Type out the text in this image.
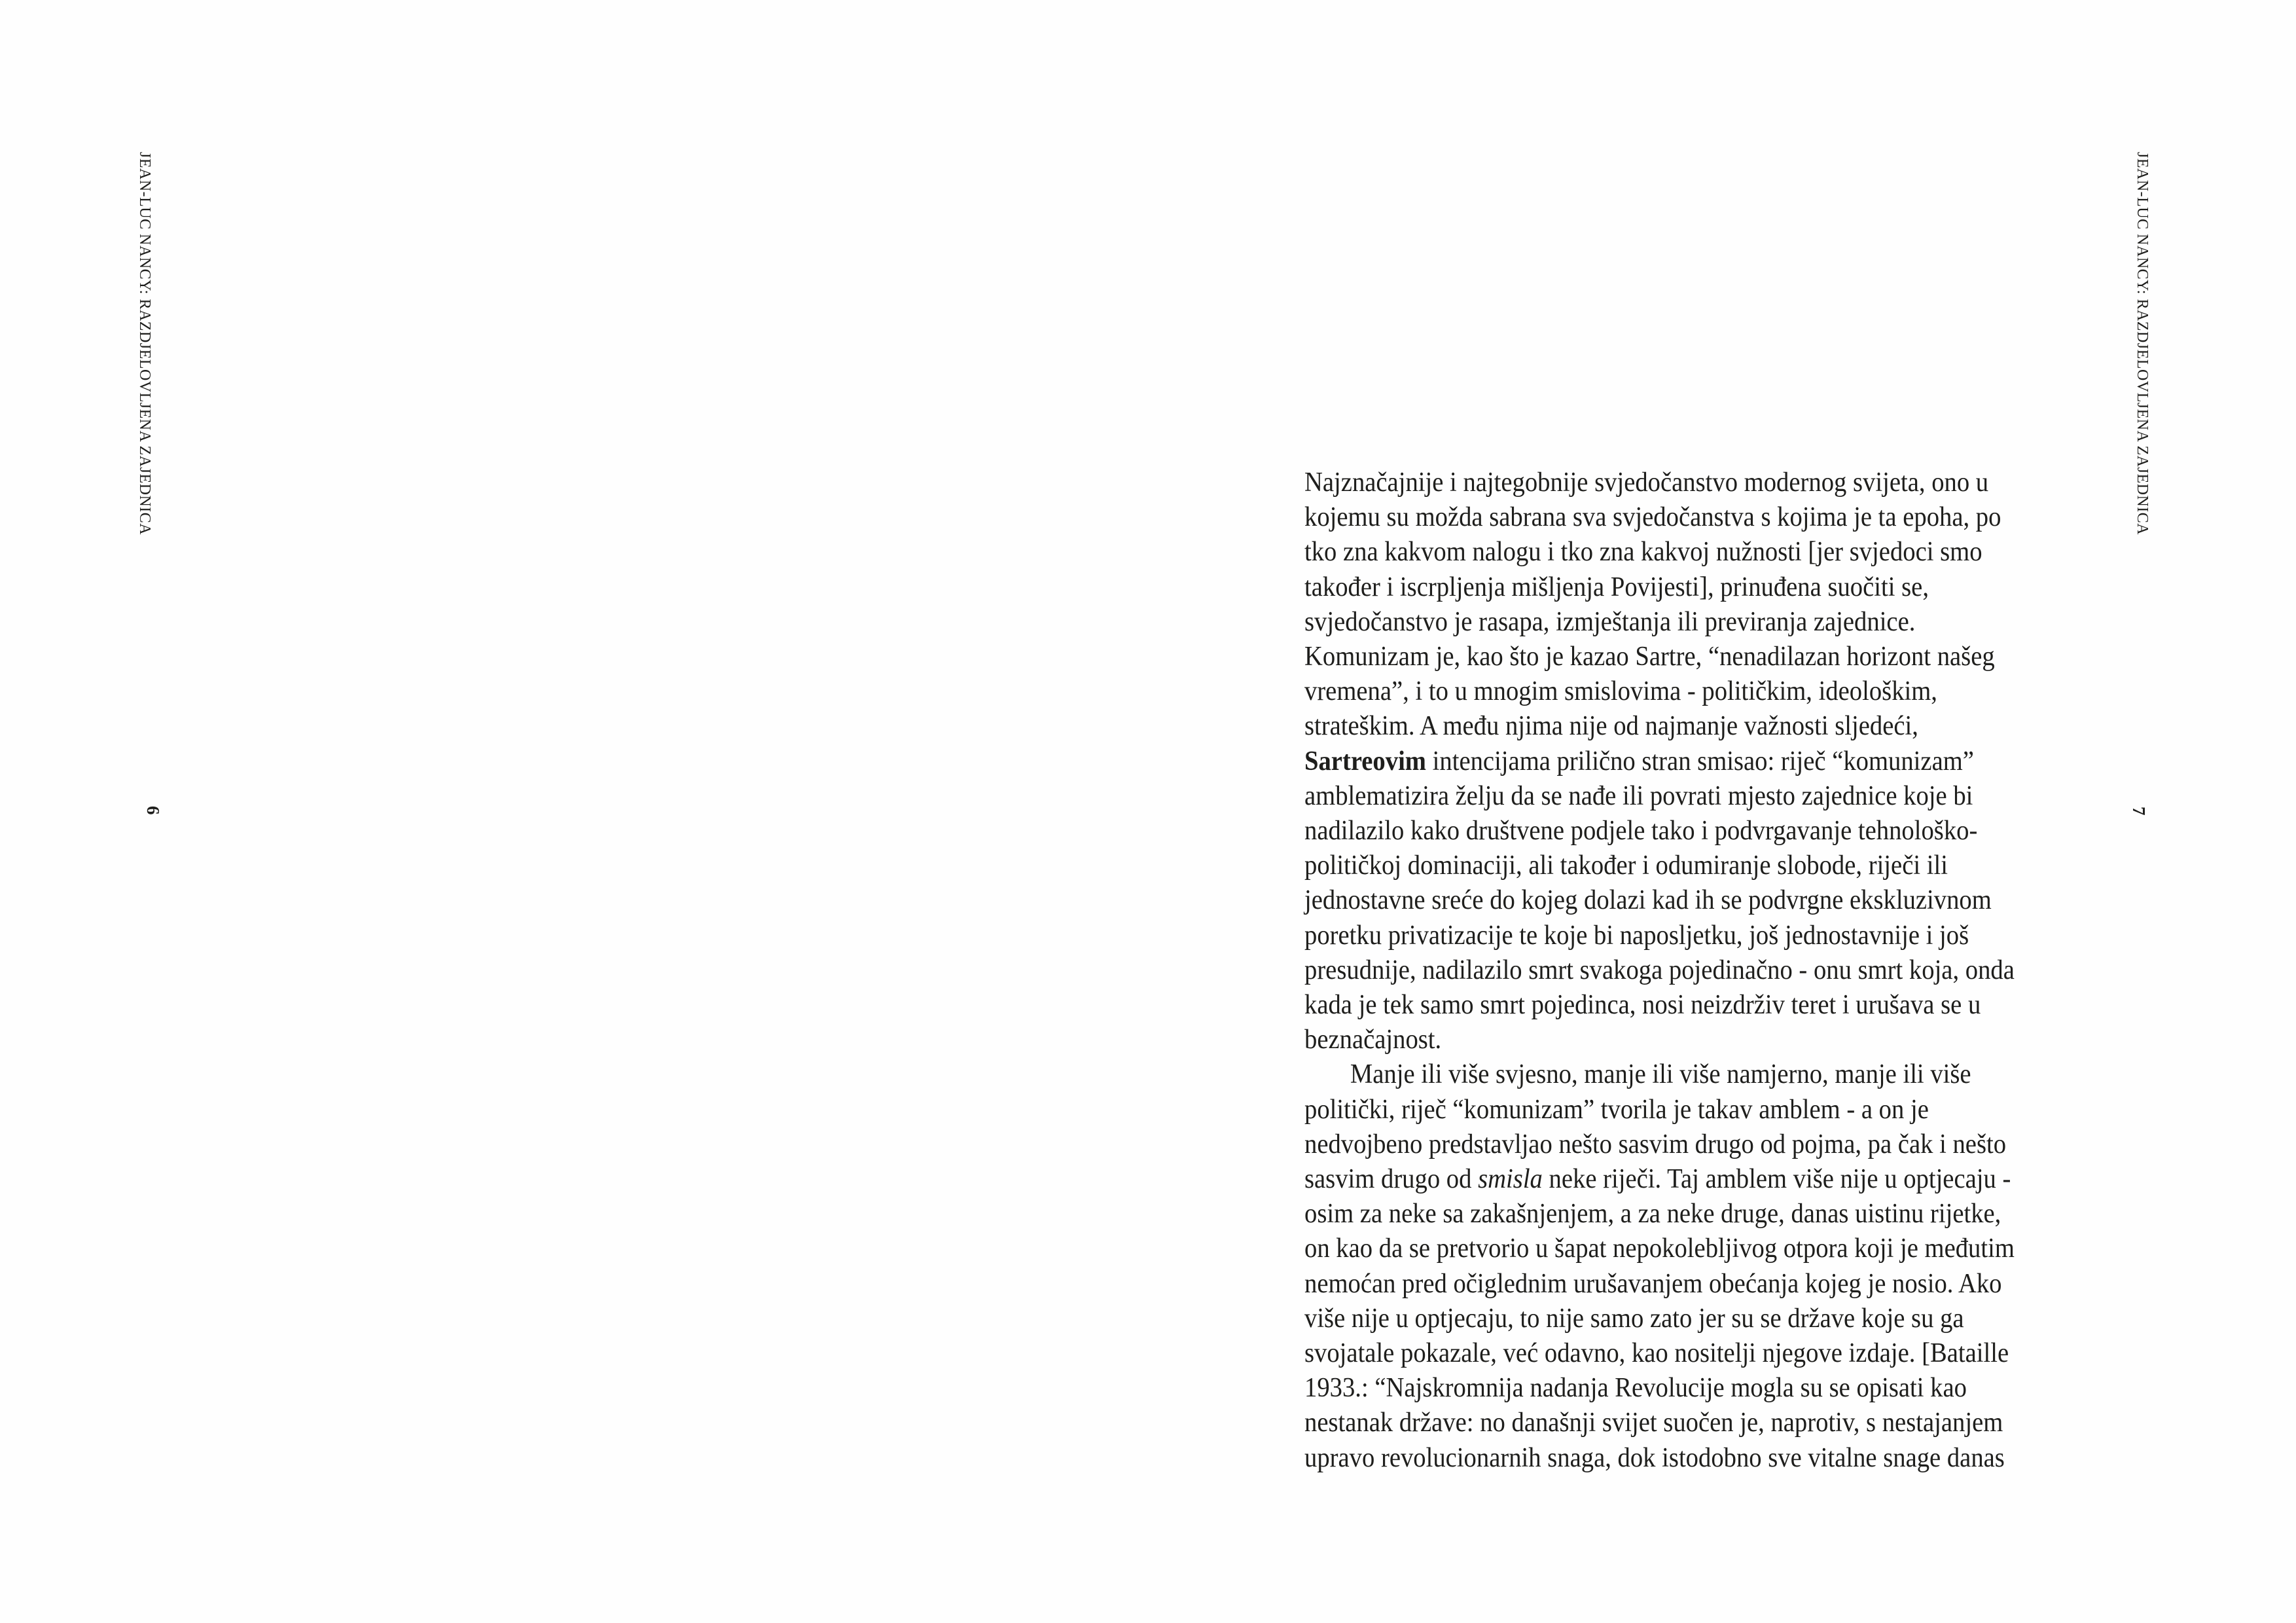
JEAN-LUC NANCY: RAZDJELOVLJENA ZAJEDNICA
6
JEAN-LUC NANCY: RAZDJELOVLJENA ZAJEDNICA
7
Najznačajnije i najtegobnije svjedočanstvo modernog svijeta, ono u
kojemu su možda sabrana sva svjedočanstva s kojima je ta epoha, po
tko zna kakvom nalogu i tko zna kakvoj nužnosti [jer svjedoci smo
također i iscrpljenja mišljenja Povijesti], prinuđena suočiti se,
svjedočanstvo je rasapa, izmještanja ili previranja zajednice.
Komunizam je, kao što je kazao Sartre, “nenadilazan horizont našeg
vremena”, i to u mnogim smislovima - političkim, ideološkim,
strateškim. A među njima nije od najmanje važnosti sljedeći,
Sartreovim intencijama prilično stran smisao: riječ “komunizam”
amblematizira želju da se nađe ili povrati mjesto zajednice koje bi
nadilazilo kako društvene podjele tako i podvrgavanje tehnološko-
političkoj dominaciji, ali također i odumiranje slobode, riječi ili
jednostavne sreće do kojeg dolazi kad ih se podvrgne ekskluzivnom
poretku privatizacije te koje bi naposljetku, još jednostavnije i još
presudnije, nadilazilo smrt svakoga pojedinačno - onu smrt koja, onda
kada je tek samo smrt pojedinca, nosi neizdrživ teret i urušava se u
beznačajnost.
Manje ili više svjesno, manje ili više namjerno, manje ili više
politički, riječ “komunizam” tvorila je takav amblem - a on je
nedvojbeno predstavljao nešto sasvim drugo od pojma, pa čak i nešto
sasvim drugo od smisla neke riječi. Taj amblem više nije u optjecaju -
osim za neke sa zakašnjenjem, a za neke druge, danas uistinu rijetke,
on kao da se pretvorio u šapat nepokolebljivog otpora koji je međutim
nemoćan pred očiglednim urušavanjem obećanja kojeg je nosio. Ako
više nije u optjecaju, to nije samo zato jer su se države koje su ga
svojatale pokazale, već odavno, kao nositelji njegove izdaje. [Bataille
1933.: “Najskromnija nadanja Revolucije mogla su se opisati kao
nestanak države: no današnji svijet suočen je, naprotiv, s nestajanjem
upravo revolucionarnih snaga, dok istodobno sve vitalne snage danas
